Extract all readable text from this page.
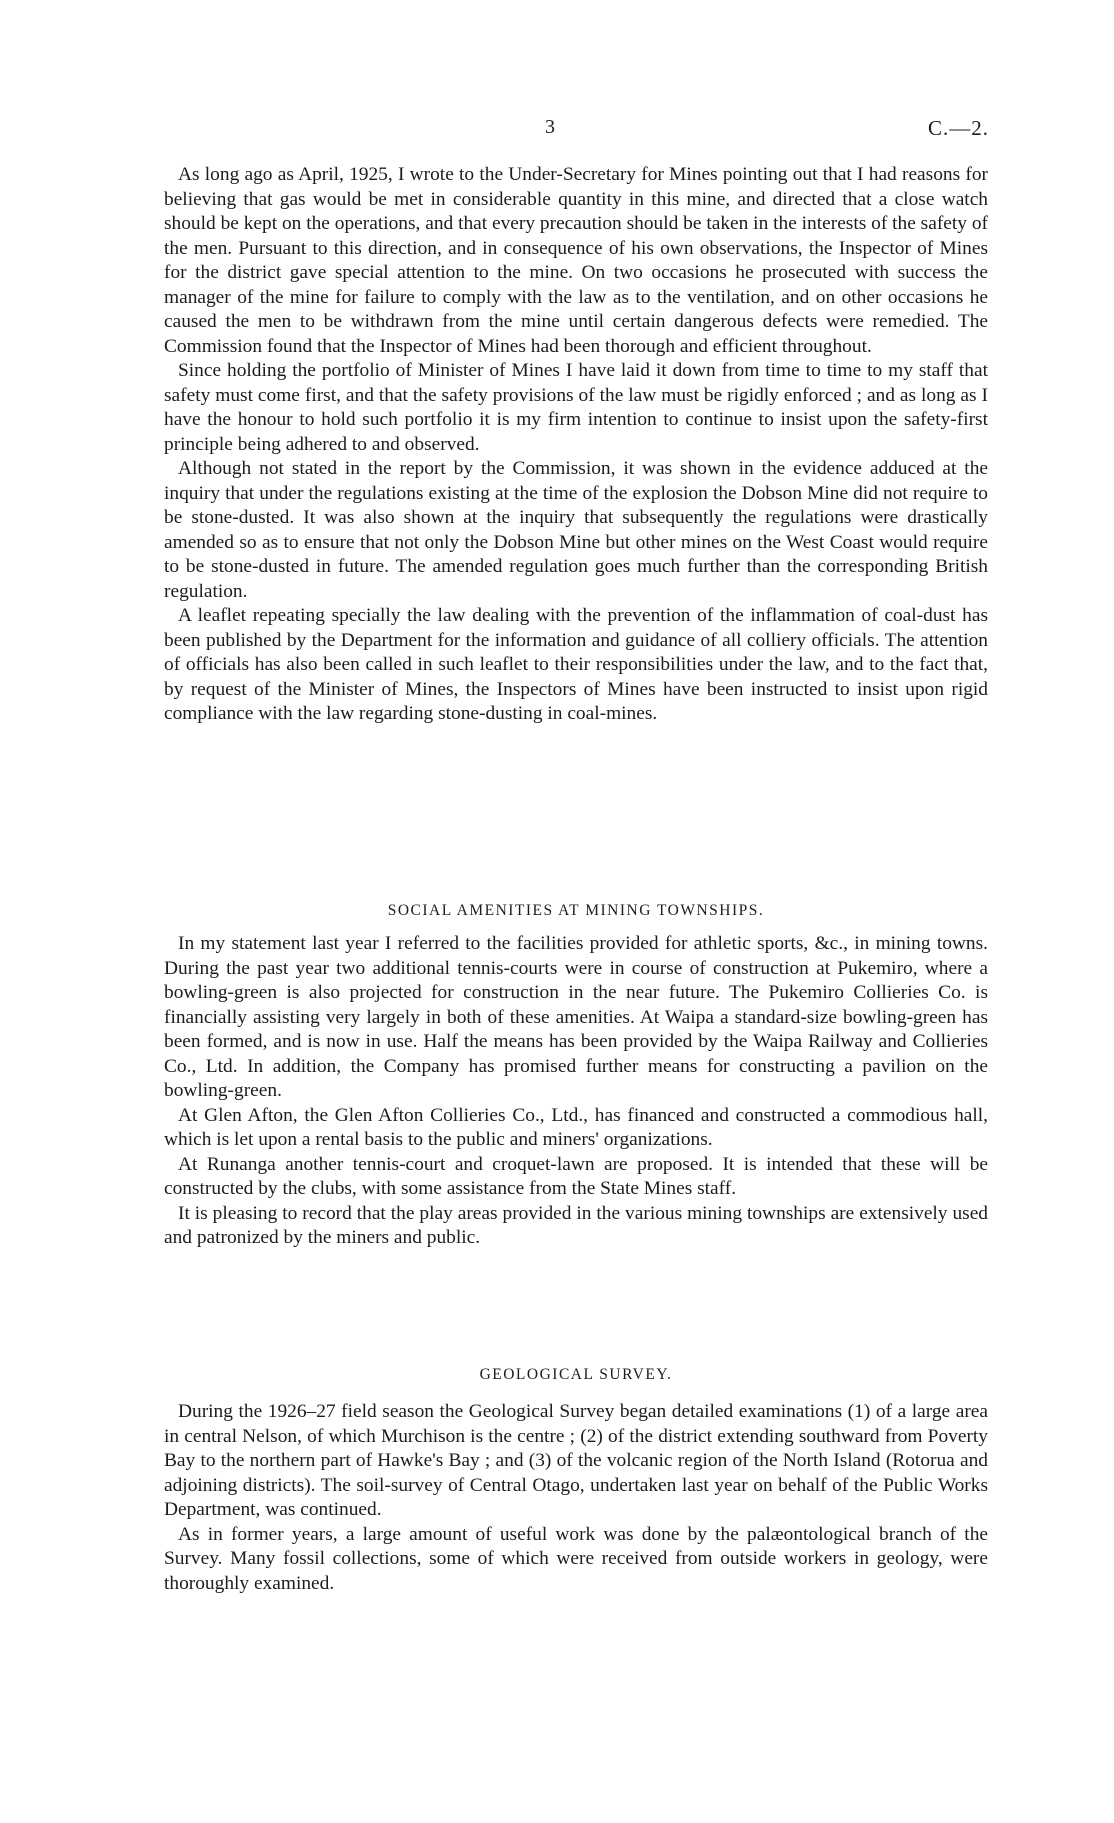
3	C.—2.

As long ago as April, 1925, I wrote to the Under-Secretary for Mines pointing out that I had reasons for believing that gas would be met in considerable quantity in this mine, and directed that a close watch should be kept on the operations, and that every precaution should be taken in the interests of the safety of the men. Pursuant to this direction, and in consequence of his own observations, the Inspector of Mines for the district gave special attention to the mine. On two occasions he prosecuted with success the manager of the mine for failure to comply with the law as to the ventilation, and on other occasions he caused the men to be withdrawn from the mine until certain dangerous defects were remedied. The Commission found that the Inspector of Mines had been thorough and efficient throughout.

Since holding the portfolio of Minister of Mines I have laid it down from time to time to my staff that safety must come first, and that the safety provisions of the law must be rigidly enforced ; and as long as I have the honour to hold such portfolio it is my firm intention to continue to insist upon the safety-first principle being adhered to and observed.

Although not stated in the report by the Commission, it was shown in the evidence adduced at the inquiry that under the regulations existing at the time of the explosion the Dobson Mine did not require to be stone-dusted. It was also shown at the inquiry that subsequently the regulations were drastically amended so as to ensure that not only the Dobson Mine but other mines on the West Coast would require to be stone-dusted in future. The amended regulation goes much further than the corresponding British regulation.

A leaflet repeating specially the law dealing with the prevention of the inflammation of coal-dust has been published by the Department for the information and guidance of all colliery officials. The attention of officials has also been called in such leaflet to their responsibilities under the law, and to the fact that, by request of the Minister of Mines, the Inspectors of Mines have been instructed to insist upon rigid compliance with the law regarding stone-dusting in coal-mines.

SOCIAL AMENITIES AT MINING TOWNSHIPS.

In my statement last year I referred to the facilities provided for athletic sports, &c., in mining towns. During the past year two additional tennis-courts were in course of construction at Pukemiro, where a bowling-green is also projected for construction in the near future. The Pukemiro Collieries Co. is financially assisting very largely in both of these amenities. At Waipa a standard-size bowling-green has been formed, and is now in use. Half the means has been provided by the Waipa Railway and Collieries Co., Ltd. In addition, the Company has promised further means for constructing a pavilion on the bowling-green.

At Glen Afton, the Glen Afton Collieries Co., Ltd., has financed and constructed a commodious hall, which is let upon a rental basis to the public and miners' organizations.

At Runanga another tennis-court and croquet-lawn are proposed. It is intended that these will be constructed by the clubs, with some assistance from the State Mines staff.

It is pleasing to record that the play areas provided in the various mining townships are extensively used and patronized by the miners and public.

GEOLOGICAL SURVEY.

During the 1926–27 field season the Geological Survey began detailed examinations (1) of a large area in central Nelson, of which Murchison is the centre ; (2) of the district extending southward from Poverty Bay to the northern part of Hawke's Bay ; and (3) of the volcanic region of the North Island (Rotorua and adjoining districts). The soil-survey of Central Otago, undertaken last year on behalf of the Public Works Department, was continued.

As in former years, a large amount of useful work was done by the palæontological branch of the Survey. Many fossil collections, some of which were received from outside workers in geology, were thoroughly examined.
